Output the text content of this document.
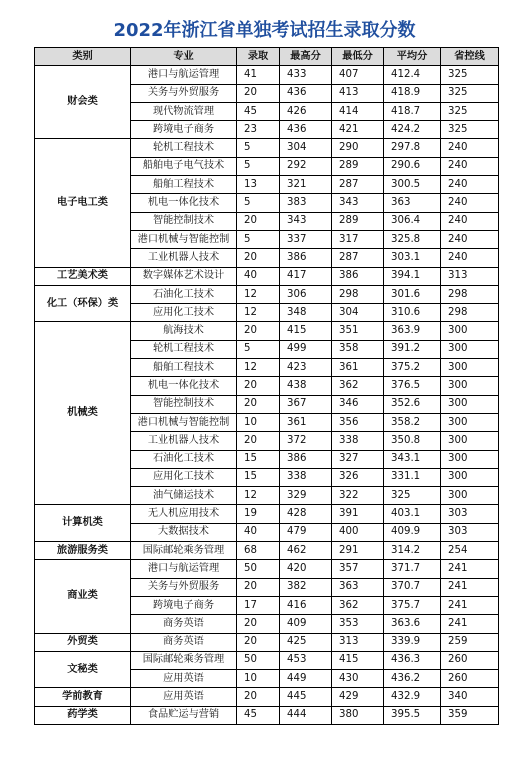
2022年浙江省单独考试招生录取分数
类别	专业	录取	最高分	最低分	平均分	省控线
财会类	港口与航运管理	41	433	407	412.4	325
	关务与外贸服务	20	436	413	418.9	325
	现代物流管理	45	426	414	418.7	325
	跨境电子商务	23	436	421	424.2	325
电子电工类	轮机工程技术	5	304	290	297.8	240
	船舶电子电气技术	5	292	289	290.6	240
	船舶工程技术	13	321	287	300.5	240
	机电一体化技术	5	383	343	363	240
	智能控制技术	20	343	289	306.4	240
	港口机械与智能控制	5	337	317	325.8	240
	工业机器人技术	20	386	287	303.1	240
工艺美术类	数字媒体艺术设计	40	417	386	394.1	313
化工（环保）类	石油化工技术	12	306	298	301.6	298
	应用化工技术	12	348	304	310.6	298
机械类	航海技术	20	415	351	363.9	300
	轮机工程技术	5	499	358	391.2	300
	船舶工程技术	12	423	361	375.2	300
	机电一体化技术	20	438	362	376.5	300
	智能控制技术	20	367	346	352.6	300
	港口机械与智能控制	10	361	356	358.2	300
	工业机器人技术	20	372	338	350.8	300
	石油化工技术	15	386	327	343.1	300
	应用化工技术	15	338	326	331.1	300
	油气储运技术	12	329	322	325	300
计算机类	无人机应用技术	19	428	391	403.1	303
	大数据技术	40	479	400	409.9	303
旅游服务类	国际邮轮乘务管理	68	462	291	314.2	254
商业类	港口与航运管理	50	420	357	371.7	241
	关务与外贸服务	20	382	363	370.7	241
	跨境电子商务	17	416	362	375.7	241
	商务英语	20	409	353	363.6	241
外贸类	商务英语	20	425	313	339.9	259
文秘类	国际邮轮乘务管理	50	453	415	436.3	260
	应用英语	10	449	430	436.2	260
学前教育	应用英语	20	445	429	432.9	340
药学类	食品贮运与营销	45	444	380	395.5	359
